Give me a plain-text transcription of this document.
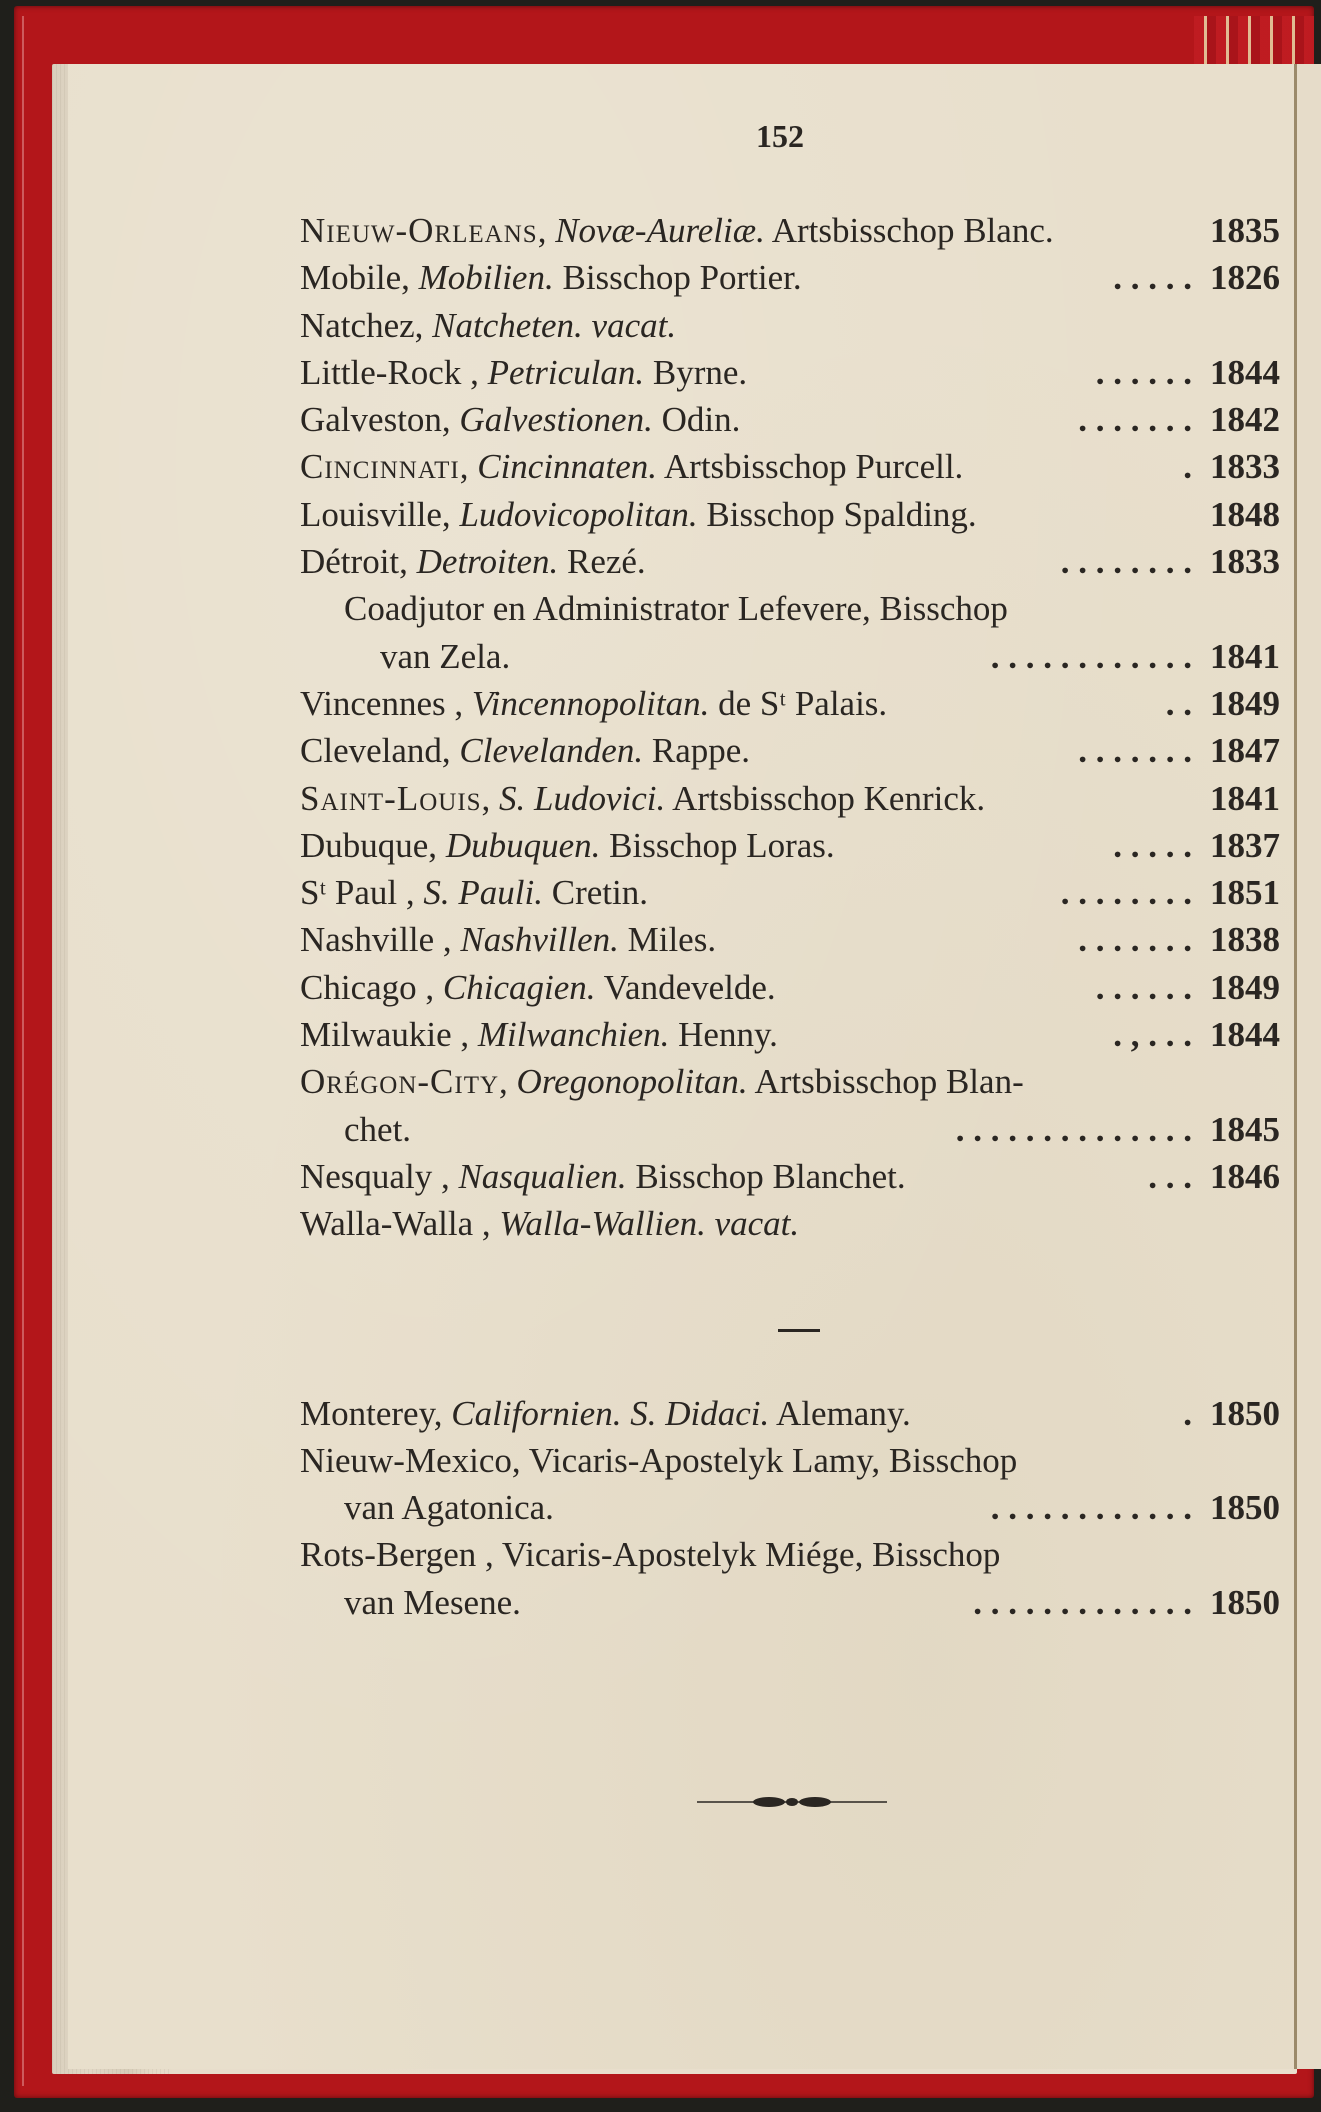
152
Nieuw-Orleans, Novæ-Aureliæ. Artsbisschop Blanc.	1835
Mobile, Mobilien. Bisschop Portier.	. . . . . 1826
Natchez, Natcheten. vacat.
Little-Rock , Petriculan. Byrne.	. . . . . . 1844
Galveston, Galvestionen. Odin.	. . . . . . . 1842
Cincinnati, Cincinnaten. Artsbisschop Purcell.	. 1833
Louisville, Ludovicopolitan. Bisschop Spalding.	1848
Détroit, Detroiten. Rezé.	. . . . . . . . 1833
Coadjutor en Administrator Lefevere, Bisschop
van Zela.	. . . . . . . . . . . . 1841
Vincennes , Vincennopolitan. de Sᵗ Palais.	. . 1849
Cleveland, Clevelanden. Rappe.	. . . . . . . 1847
Saint-Louis, S. Ludovici. Artsbisschop Kenrick.	1841
Dubuque, Dubuquen. Bisschop Loras.	. . . . . 1837
Sᵗ Paul , S. Pauli. Cretin.	. . . . . . . . 1851
Nashville , Nashvillen. Miles.	. . . . . . . 1838
Chicago , Chicagien. Vandevelde.	. . . . . . 1849
Milwaukie , Milwanchien. Henny.	. , . . . 1844
Orégon-City, Oregonopolitan. Artsbisschop Blan-
chet.	. . . . . . . . . . . . . . 1845
Nesqualy , Nasqualien. Bisschop Blanchet.	. . . 1846
Walla-Walla , Walla-Wallien. vacat.
Monterey, Californien. S. Didaci. Alemany.	. 1850
Nieuw-Mexico, Vicaris-Apostelyk Lamy, Bisschop
van Agatonica.	. . . . . . . . . . . . 1850
Rots-Bergen , Vicaris-Apostelyk Miége, Bisschop
van Mesene.	. . . . . . . . . . . . . 1850
